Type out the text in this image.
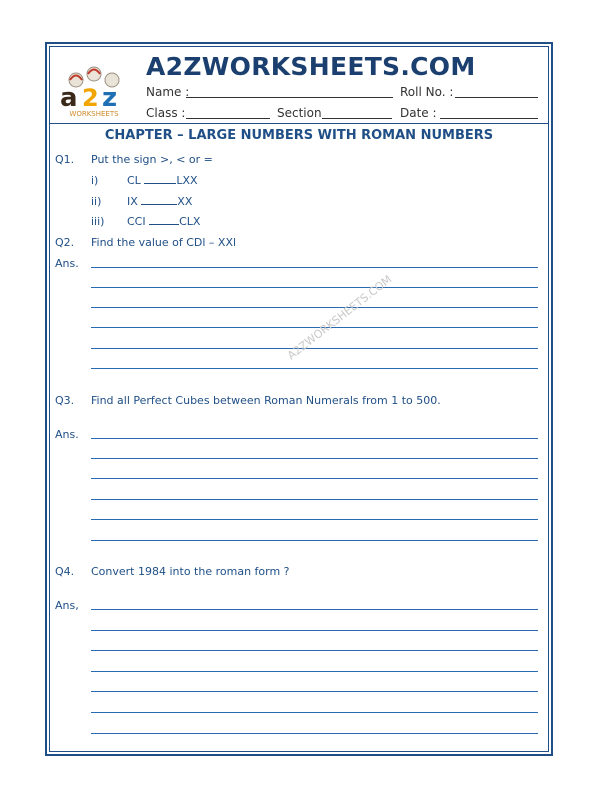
a 2 z
WORKSHEETS
A2ZWORKSHEETS.COM
Name :	Roll No. :
Class :	Section	Date :
CHAPTER – LARGE NUMBERS WITH ROMAN NUMBERS
Q1. Put the sign >, < or =
i)	CL	LXX
ii) IX	XX
iii) CCI	CLX
Q2. Find the value of CDl – XXl
Ans.
Q3. Find all Perfect Cubes between Roman Numerals from 1 to 500.
Ans.
Q4. Convert 1984 into the roman form ?
Ans,
A2ZWORKSHEETS.COM
